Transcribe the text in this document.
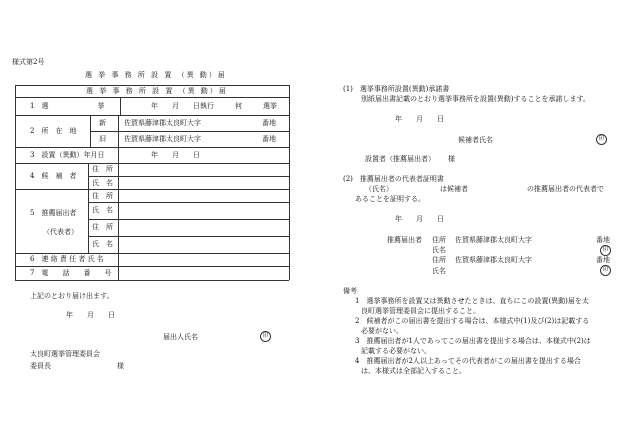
様式第2号
選 挙 事 務 所 設 置 （異 動）届
選 挙 事 務 所 設 置 （異 動）届
1　選　　　　　　　挙	年　　月　　日執行　　　何　　　選挙
2　所　在　地
新	佐賀県藤津郡太良町大字	番地
旧	佐賀県藤津郡太良町大字	番地
3　設置（異動）年月日	年　　月　　日
4　候　補　者
住　所
氏　名
5　推薦届出者
（代表者）
住　所
氏　名
住　所
氏　名
6　連 絡 責 任 者 氏 名
7　電　　話　　番　　号
上記のとおり届け出ます。
年　　月　　日
届出人氏名	印
太良町選挙管理委員会
委員長	様
(1)　選挙事務所設置(異動)承諾書
別紙届出書記載のとおり選挙事務所を設置(異動)することを承諾します。
年　　月　　日
候補者氏名	印
設置者（推薦届出者） 様
(2)　推薦届出者の代表者証明書
（氏名）	は候補者	の推薦届出者の代表者で
あることを証明する。
年　　月　　日
推薦届出者 住所 佐賀県藤津郡太良町大字	番地
氏名	印
住所 佐賀県藤津郡太良町大字	番地
氏名	印
備考
1　選挙事務所を設置又は異動させたときは、直ちにこの設置(異動)届を太
良町選挙管理委員会に提出すること。
2　候補者がこの届出書を提出する場合は、本様式中(1)及び(2)は記載する
必要がない。
3　推薦届出者が1人であってこの届出書を提出する場合は、本様式中(2)は
記載する必要がない。
4　推薦届出者が2人以上あってその代表者がこの届出書を提出する場合
は、本様式は全部記入すること。
